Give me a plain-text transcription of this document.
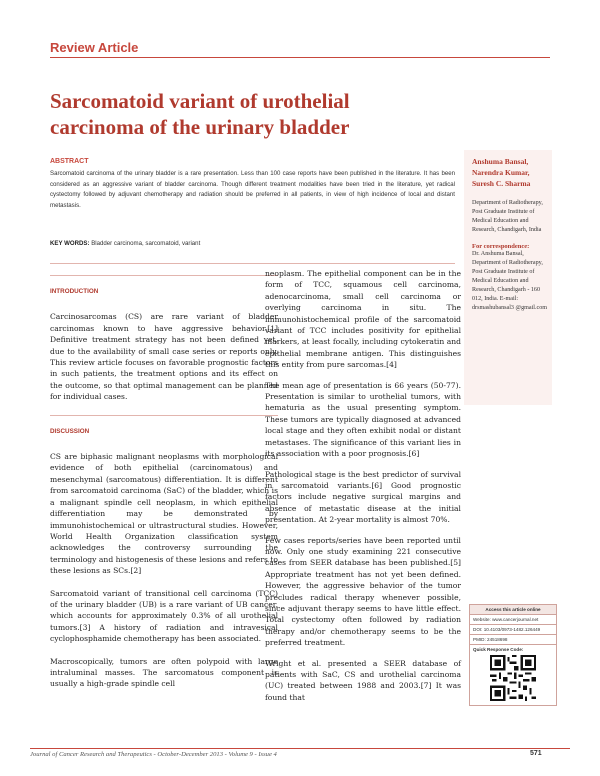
Review Article
Sarcomatoid variant of urothelial carcinoma of the urinary bladder
ABSTRACT
Sarcomatoid carcinoma of the urinary bladder is a rare presentation. Less than 100 case reports have been published in the literature. It has been considered as an aggressive variant of bladder carcinoma. Though different treatment modalities have been tried in the literature, yet radical cystectomy followed by adjuvant chemotherapy and radiation should be preferred in all patients, in view of high incidence of local and distant metastasis.
KEY WORDS: Bladder carcinoma, sarcomatoid, variant
Anshuma Bansal,
Narendra Kumar,
Suresh C. Sharma
Department of Radiotherapy, Post Graduate Institute of Medical Education and Research, Chandigarh, India
For correspondence:
Dr. Anshuma Bansal, Department of Radiotherapy, Post Graduate Institute of Medical Education and Research, Chandigarh - 160 012, India. E-mail: drsmashubansal3 @gmail.com
INTRODUCTION

Carcinosarcomas (CS) are rare variant of bladder carcinomas known to have aggressive behavior.[1] Definitive treatment strategy has not been defined yet, due to the availability of small case series or reports only. This review article focuses on favorable prognostic factors in such patients, the treatment options and its effect on the outcome, so that optimal management can be planned for individual cases.

DISCUSSION

CS are biphasic malignant neoplasms with morphological evidence of both epithelial (carcinomatous) and mesenchymal (sarcomatous) differentiation. It is different from sarcomatoid carcinoma (SaC) of the bladder, which is a malignant spindle cell neoplasm, in which epithelial differentiation may be demonstrated by immunohistochemical or ultrastructural studies. However, World Health Organization classification system acknowledges the controversy surrounding the terminology and histogenesis of these lesions and refers to these lesions as SCs.[2]

Sarcomatoid variant of transitional cell carcinoma (TCC) of the urinary bladder (UB) is a rare variant of UB cancer, which accounts for approximately 0.3% of all urothelial tumors.[3] A history of radiation and intravesical cyclophosphamide chemotherapy has been associated.

Macroscopically, tumors are often polypoid with large intraluminal masses. The sarcomatous component is usually a high-grade spindle cell

neoplasm. The epithelial component can be in the form of TCC, squamous cell carcinoma, adenocarcinoma, small cell carcinoma or overlying carcinoma in situ. The immunohistochemical profile of the sarcomatoid variant of TCC includes positivity for epithelial markers, at least focally, including cytokeratin and epithelial membrane antigen. This distinguishes this entity from pure sarcomas.[4]

The mean age of presentation is 66 years (50-77). Presentation is similar to urothelial tumors, with hematuria as the usual presenting symptom. These tumors are typically diagnosed at advanced local stage and they often exhibit nodal or distant metastases. The significance of this variant lies in its association with a poor prognosis.[6]

Pathological stage is the best predictor of survival in sarcomatoid variants.[6] Good prognostic factors include negative surgical margins and absence of metastatic disease at the initial presentation. At 2-year mortality is almost 70%.

Few cases reports/series have been reported until now. Only one study examining 221 consecutive cases from SEER database has been published.[5] Appropriate treatment has not yet been defined. However, the aggressive behavior of the tumor precludes radical therapy whenever possible, since adjuvant therapy seems to have little effect. Total cystectomy often followed by radiation therapy and/or chemotherapy seems to be the preferred treatment.

Wright et al. presented a SEER database of patients with SaC, CS and urothelial carcinoma (UC) treated between 1988 and 2003.[7] It was found that

Access this article online
Website: www.cancerjournal.net
DOI: 10.4103/0973-1482.126449
PMID: 24518698
Quick Response Code:
Journal of Cancer Research and Therapeutics - October-December 2013 - Volume 9 - Issue 4	571
